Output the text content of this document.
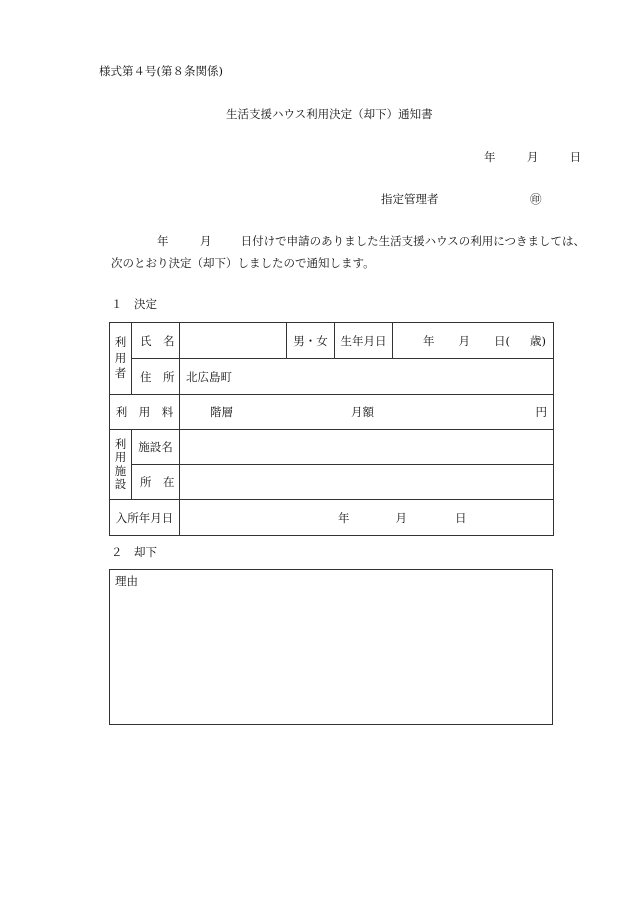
様式第４号(第８条関係)
生活支援ハウス利用決定（却下）通知書
年	月	日
指定管理者	㊞
年	月	日付けで申請のありました生活支援ハウスの利用につきましては、
次のとおり決定（却下）しましたので通知します。
１　決定
利
用
者	氏　名		男・女	生年月日	年 月 日( 歳)
	住　所	北広島町			
利　用　料		階層 月額 円			

利
用
施
設	施設名				
	所　在				
入所年月日		年 月 日			
２　却下
理由
